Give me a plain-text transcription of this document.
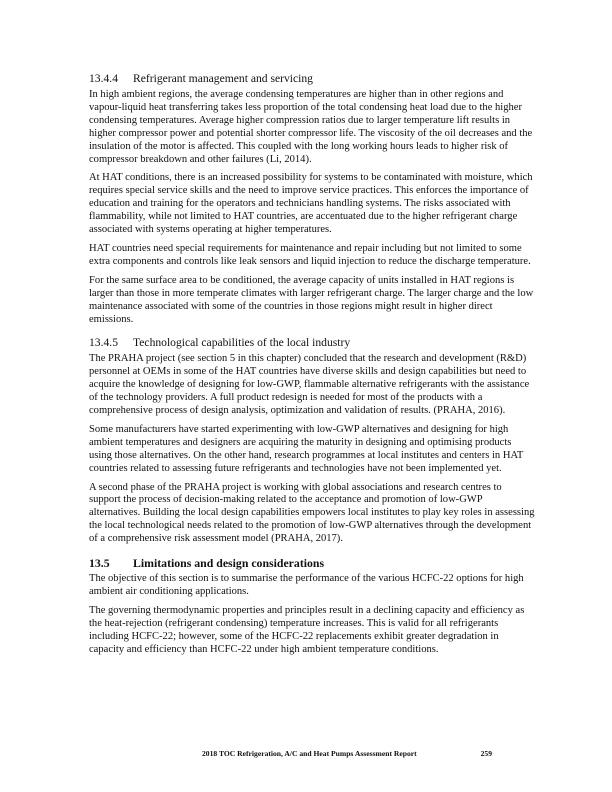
13.4.4	Refrigerant management and servicing

In high ambient regions, the average condensing temperatures are higher than in other regions and vapour-liquid heat transferring takes less proportion of the total condensing heat load due to the higher condensing temperatures. Average higher compression ratios due to larger temperature lift results in higher compressor power and potential shorter compressor life. The viscosity of the oil decreases and the insulation of the motor is affected. This coupled with the long working hours leads to higher risk of compressor breakdown and other failures (Li, 2014).

At HAT conditions, there is an increased possibility for systems to be contaminated with moisture, which requires special service skills and the need to improve service practices. This enforces the importance of education and training for the operators and technicians handling systems. The risks associated with flammability, while not limited to HAT countries, are accentuated due to the higher refrigerant charge associated with systems operating at higher temperatures.

HAT countries need special requirements for maintenance and repair including but not limited to some extra components and controls like leak sensors and liquid injection to reduce the discharge temperature.

For the same surface area to be conditioned, the average capacity of units installed in HAT regions is larger than those in more temperate climates with larger refrigerant charge. The larger charge and the low maintenance associated with some of the countries in those regions might result in higher direct emissions.

13.4.5	Technological capabilities of the local industry

The PRAHA project (see section 5 in this chapter) concluded that the research and development (R&D) personnel at OEMs in some of the HAT countries have diverse skills and design capabilities but need to acquire the knowledge of designing for low-GWP, flammable alternative refrigerants with the assistance of the technology providers. A full product redesign is needed for most of the products with a comprehensive process of design analysis, optimization and validation of results. (PRAHA, 2016).

Some manufacturers have started experimenting with low-GWP alternatives and designing for high ambient temperatures and designers are acquiring the maturity in designing and optimising products using those alternatives. On the other hand, research programmes at local institutes and centers in HAT countries related to assessing future refrigerants and technologies have not been implemented yet.

A second phase of the PRAHA project is working with global associations and research centres to support the process of decision-making related to the acceptance and promotion of low-GWP alternatives. Building the local design capabilities empowers local institutes to play key roles in assessing the local technological needs related to the promotion of low-GWP alternatives through the development of a comprehensive risk assessment model (PRAHA, 2017).

13.5	Limitations and design considerations

The objective of this section is to summarise the performance of the various HCFC-22 options for high ambient air conditioning applications.

The governing thermodynamic properties and principles result in a declining capacity and efficiency as the heat-rejection (refrigerant condensing) temperature increases. This is valid for all refrigerants including HCFC-22; however, some of the HCFC-22 replacements exhibit greater degradation in capacity and efficiency than HCFC-22 under high ambient temperature conditions.

2018 TOC Refrigeration, A/C and Heat Pumps Assessment Report	259
